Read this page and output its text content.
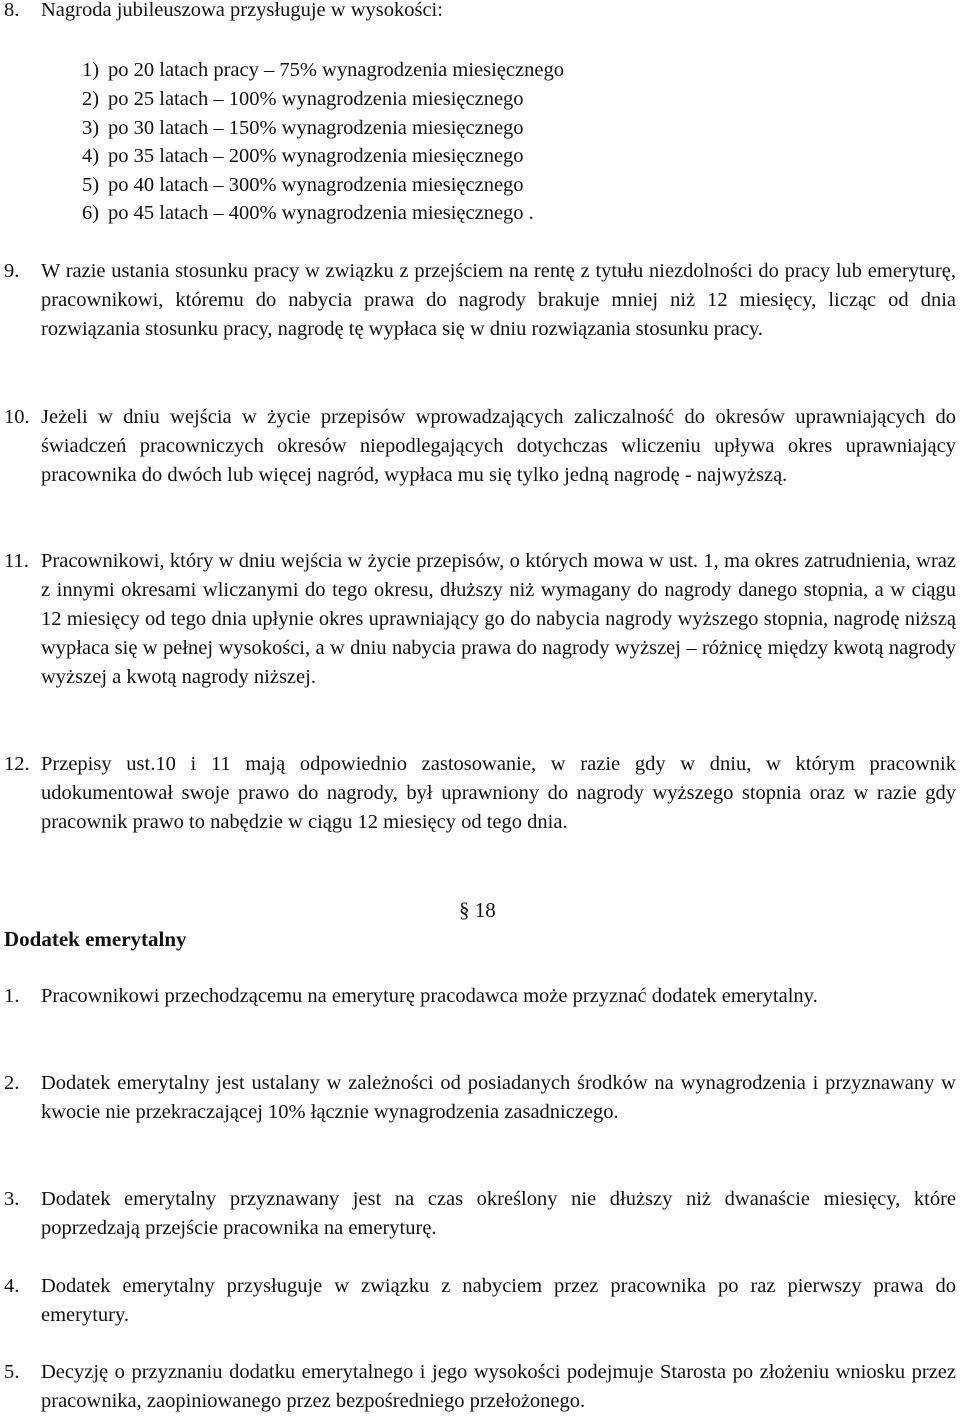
8. Nagroda jubileuszowa przysługuje w wysokości:
1) po 20 latach pracy – 75% wynagrodzenia miesięcznego
2) po 25 latach – 100% wynagrodzenia miesięcznego
3) po 30 latach – 150% wynagrodzenia miesięcznego
4) po 35 latach – 200% wynagrodzenia miesięcznego
5) po 40 latach – 300% wynagrodzenia miesięcznego
6) po 45 latach – 400% wynagrodzenia miesięcznego .
9. W razie ustania stosunku pracy w związku z przejściem na rentę z tytułu niezdolności do pracy lub emeryturę, pracownikowi, któremu do nabycia prawa do nagrody brakuje mniej niż 12 miesięcy, licząc od dnia rozwiązania stosunku pracy, nagrodę tę wypłaca się w dniu rozwiązania stosunku pracy.
10. Jeżeli w dniu wejścia w życie przepisów wprowadzających zaliczalność do okresów uprawniających do świadczeń pracowniczych okresów niepodlegających dotychczas wliczeniu upływa okres uprawniający pracownika do dwóch lub więcej nagród, wypłaca mu się tylko jedną nagrodę - najwyższą.
11. Pracownikowi, który w dniu wejścia w życie przepisów, o których mowa w ust. 1, ma okres zatrudnienia, wraz z innymi okresami wliczanymi do tego okresu, dłuższy niż wymagany do nagrody danego stopnia, a w ciągu 12 miesięcy od tego dnia upłynie okres uprawniający go do nabycia nagrody wyższego stopnia, nagrodę niższą wypłaca się w pełnej wysokości, a w dniu nabycia prawa do nagrody wyższej – różnicę między kwotą nagrody wyższej a kwotą nagrody niższej.
12. Przepisy ust.10 i 11 mają odpowiednio zastosowanie, w razie gdy w dniu, w którym pracownik udokumentował swoje prawo do nagrody, był uprawniony do nagrody wyższego stopnia oraz w razie gdy pracownik prawo to nabędzie w ciągu 12 miesięcy od tego dnia.
§ 18
Dodatek emerytalny
1. Pracownikowi przechodzącemu na emeryturę pracodawca może przyznać dodatek emerytalny.
2. Dodatek emerytalny jest ustalany w zależności od posiadanych środków na wynagrodzenia i przyznawany w kwocie nie przekraczającej 10% łącznie wynagrodzenia zasadniczego.
3. Dodatek emerytalny przyznawany jest na czas określony nie dłuższy niż dwanaście miesięcy, które poprzedzają przejście pracownika na emeryturę.
4. Dodatek emerytalny przysługuje w związku z nabyciem przez pracownika po raz pierwszy prawa do emerytury.
5. Decyzję o przyznaniu dodatku emerytalnego i jego wysokości podejmuje Starosta po złożeniu wniosku przez pracownika, zaopiniowanego przez bezpośredniego przełożonego.
